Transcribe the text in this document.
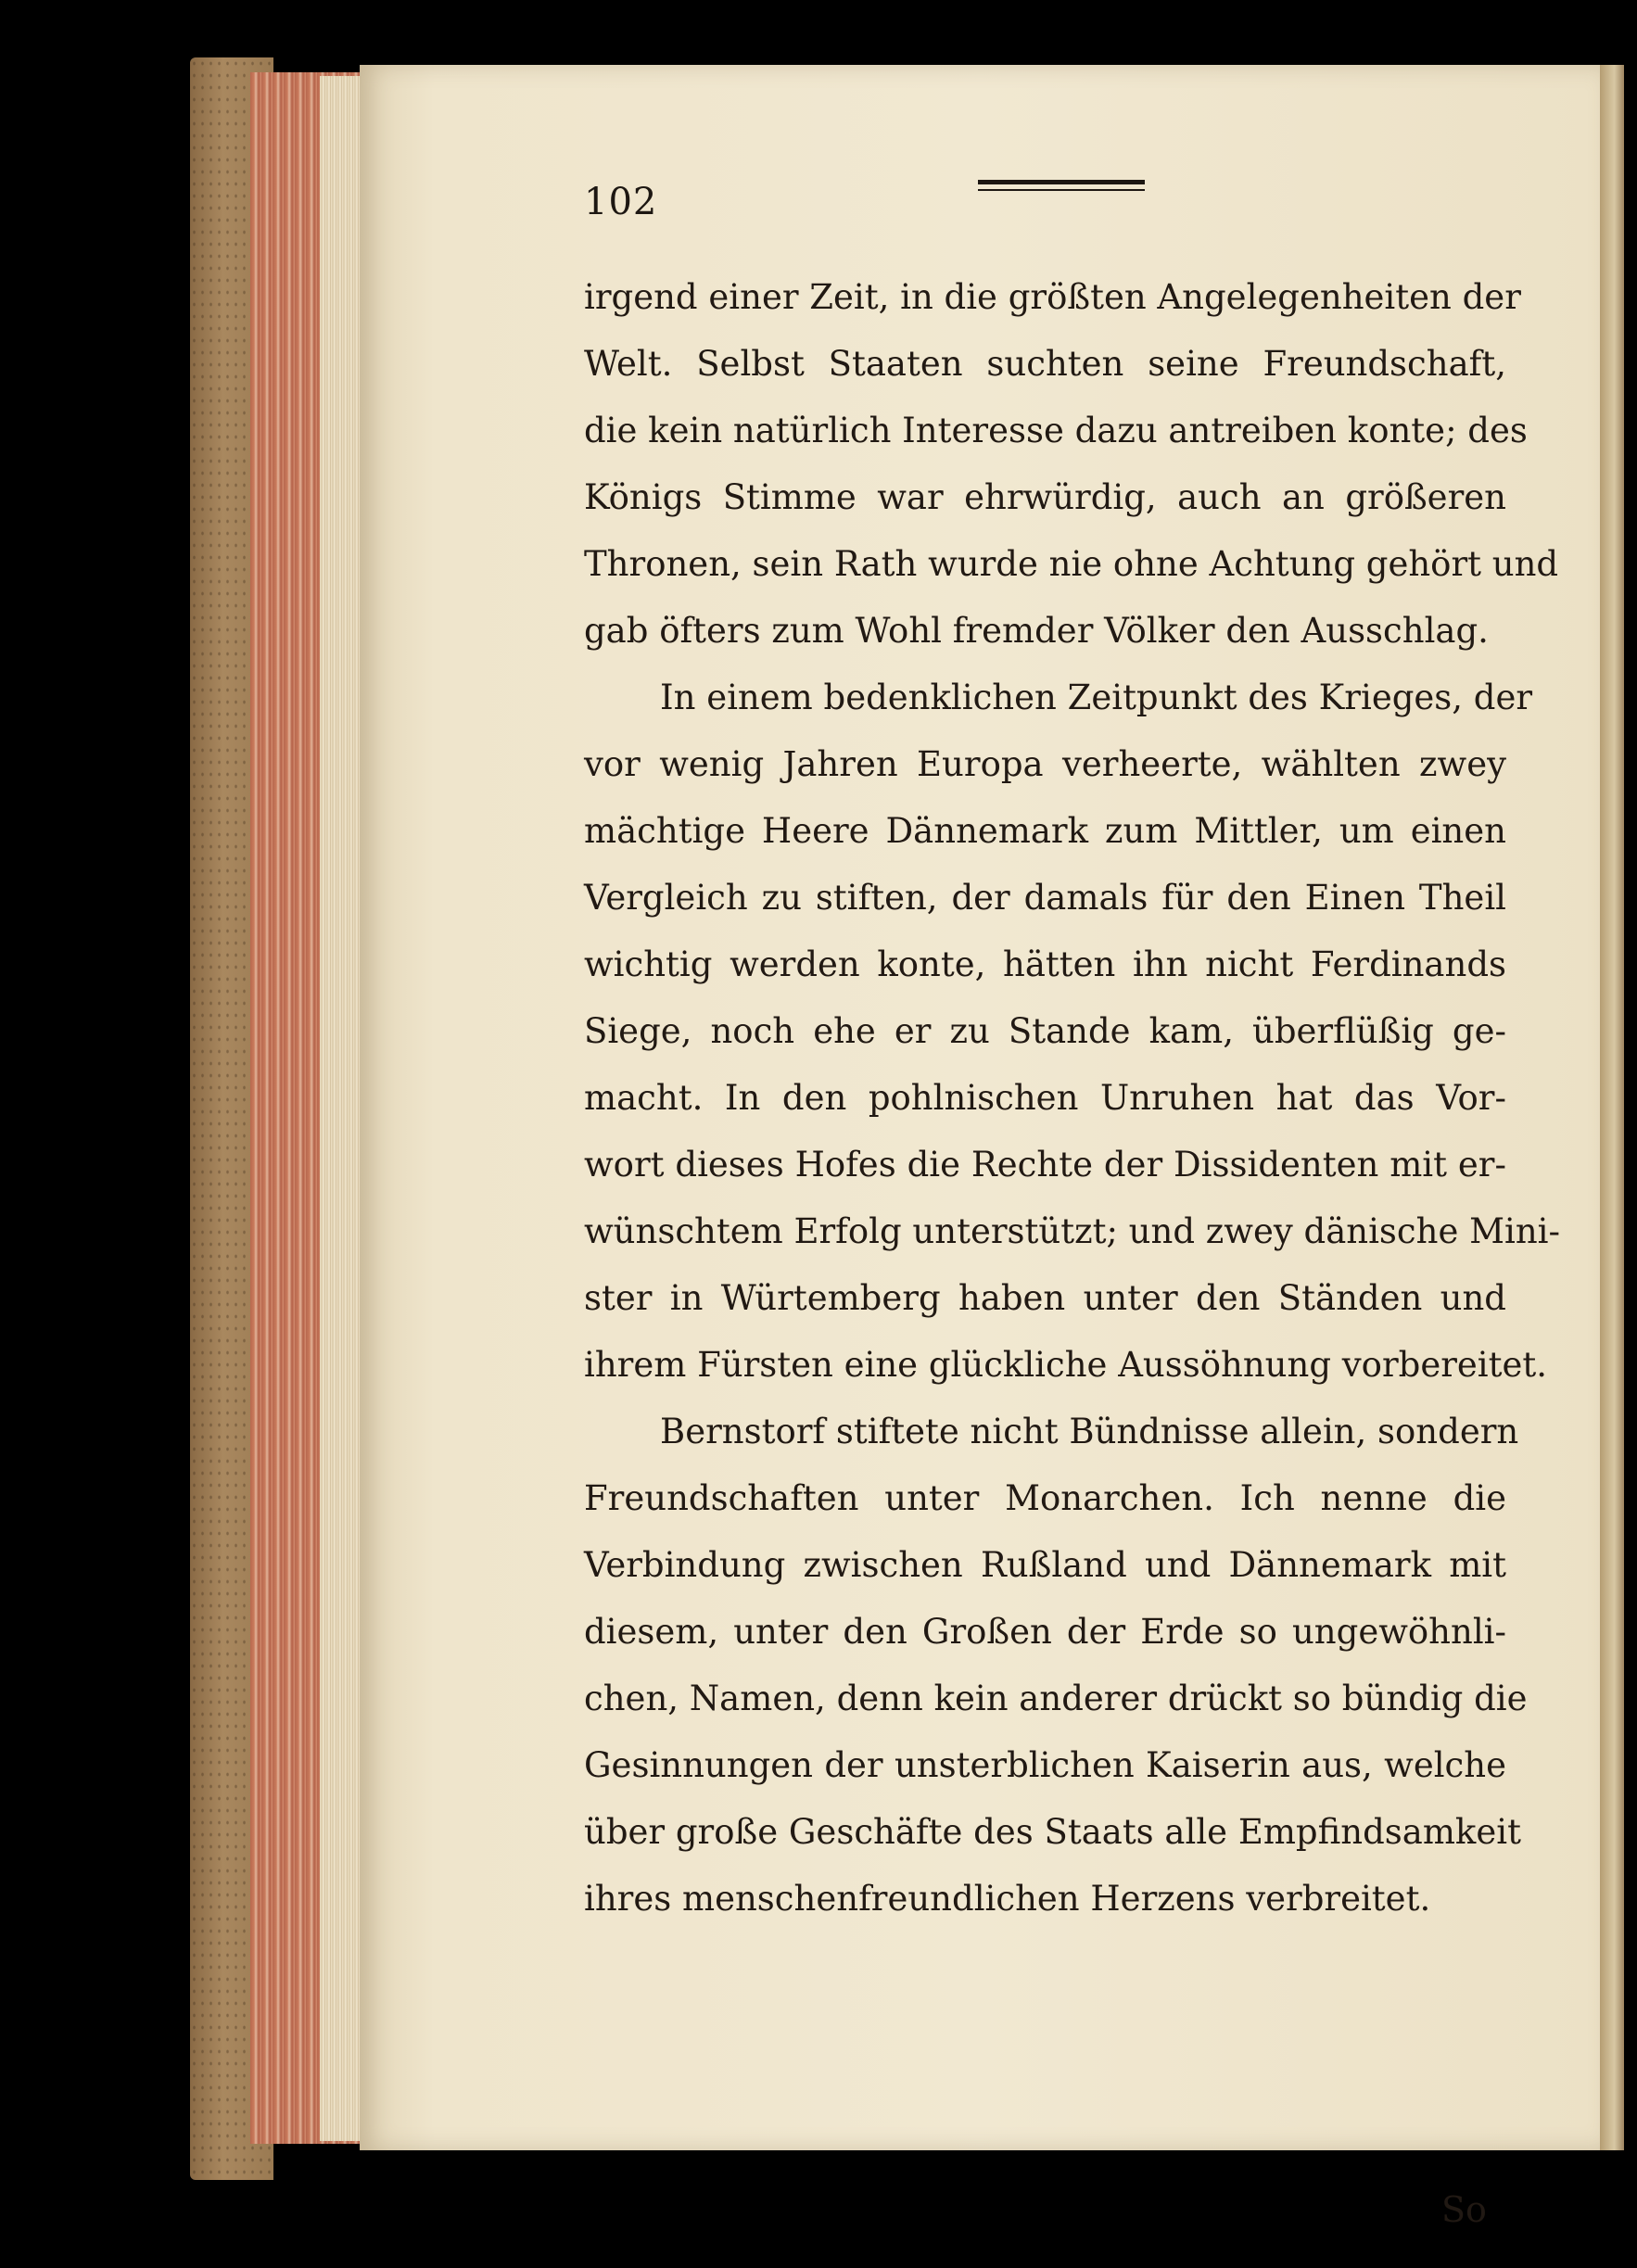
102
irgend einer Zeit, in die größten Angelegenheiten der
Welt. Selbst Staaten suchten seine Freundschaft,
die kein natürlich Interesse dazu antreiben konte; des
Königs Stimme war ehrwürdig, auch an größeren
Thronen, sein Rath wurde nie ohne Achtung gehört und
gab öfters zum Wohl fremder Völker den Ausschlag.
In einem bedenklichen Zeitpunkt des Krieges, der
vor wenig Jahren Europa verheerte, wählten zwey
mächtige Heere Dännemark zum Mittler, um einen
Vergleich zu stiften, der damals für den Einen Theil
wichtig werden konte, hätten ihn nicht Ferdinands
Siege, noch ehe er zu Stande kam, überflüßig ge-
macht. In den pohlnischen Unruhen hat das Vor-
wort dieses Hofes die Rechte der Dissidenten mit er-
wünschtem Erfolg unterstützt; und zwey dänische Mini-
ster in Würtemberg haben unter den Ständen und
ihrem Fürsten eine glückliche Aussöhnung vorbereitet.
Bernstorf stiftete nicht Bündnisse allein, sondern
Freundschaften unter Monarchen. Ich nenne die
Verbindung zwischen Rußland und Dännemark mit
diesem, unter den Großen der Erde so ungewöhnli-
chen, Namen, denn kein anderer drückt so bündig die
Gesinnungen der unsterblichen Kaiserin aus, welche
über große Geschäfte des Staats alle Empfindsamkeit
ihres menschenfreundlichen Herzens verbreitet.
So
